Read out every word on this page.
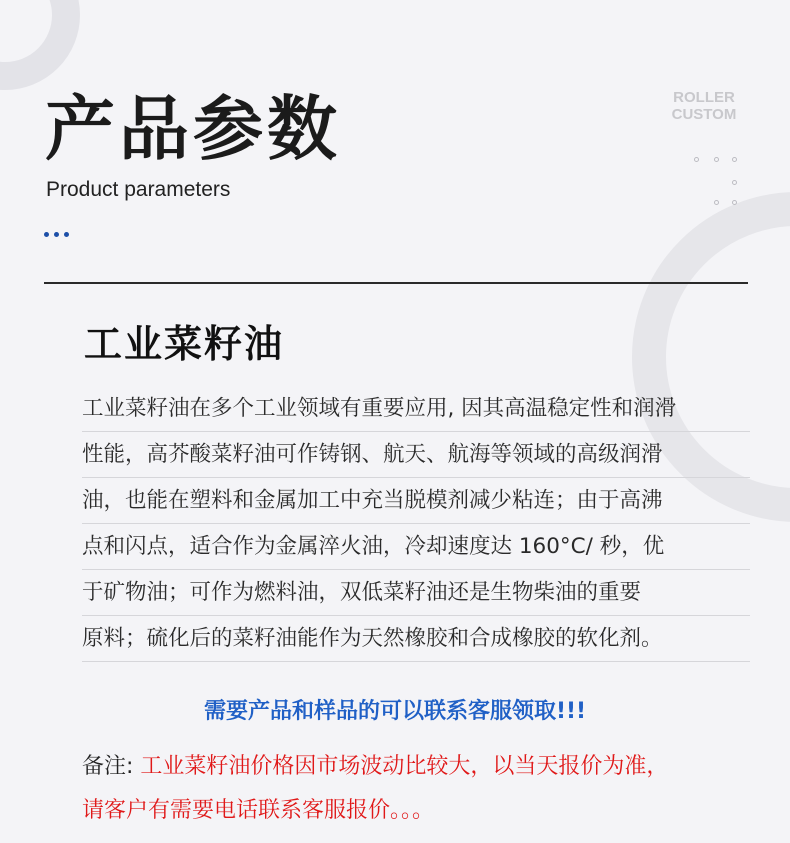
产品参数
Product parameters
ROLLER
CUSTOM
工业菜籽油
工业菜籽油在多个工业领域有重要应用, 因其高温稳定性和润滑
性能，高芥酸菜籽油可作铸钢、航天、航海等领域的高级润滑
油，也能在塑料和金属加工中充当脱模剂减少粘连；由于高沸
点和闪点，适合作为金属淬火油，冷却速度达 160°C/ 秒，优
于矿物油；可作为燃料油，双低菜籽油还是生物柴油的重要
原料；硫化后的菜籽油能作为天然橡胶和合成橡胶的软化剂。
需要产品和样品的可以联系客服领取!!!
备注: 工业菜籽油价格因市场波动比较大，以当天报价为准，
请客户有需要电话联系客服报价。。。
